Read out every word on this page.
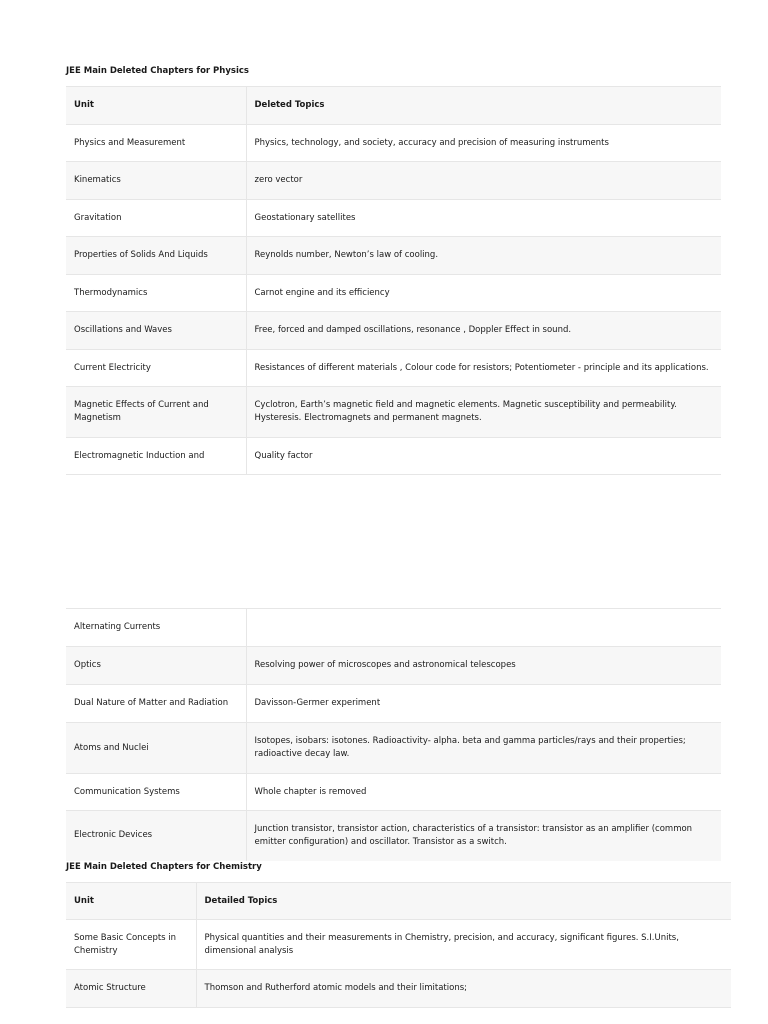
JEE Main Deleted Chapters for Physics
Unit	Deleted Topics
Physics and Measurement	Physics, technology, and society, accuracy and precision of measuring instruments
Kinematics	zero vector
Gravitation	Geostationary satellites
Properties of Solids And Liquids	Reynolds number, Newton’s law of cooling.
Thermodynamics	Carnot engine and its efficiency
Oscillations and Waves	Free, forced and damped oscillations, resonance , Doppler Effect in sound.
Current Electricity	Resistances of different materials , Colour code for resistors; Potentiometer - principle and its applications.
Magnetic Effects of Current and Magnetism	Cyclotron, Earth’s magnetic field and magnetic elements. Magnetic susceptibility and permeability. Hysteresis. Electromagnets and permanent magnets.
Electromagnetic Induction and	Quality factor
Alternating Currents	
Optics	Resolving power of microscopes and astronomical telescopes
Dual Nature of Matter and Radiation	Davisson-Germer experiment
Atoms and Nuclei	Isotopes, isobars: isotones. Radioactivity- alpha. beta and gamma particles/rays and their properties; radioactive decay law.
Communication Systems	Whole chapter is removed
Electronic Devices	Junction transistor, transistor action, characteristics of a transistor: transistor as an amplifier (common emitter configuration) and oscillator. Transistor as a switch.
JEE Main Deleted Chapters for Chemistry
Unit	Detailed Topics
Some Basic Concepts in Chemistry	Physical quantities and their measurements in Chemistry, precision, and accuracy, significant figures. S.I.Units, dimensional analysis
Atomic Structure	Thomson and Rutherford atomic models and their limitations;
